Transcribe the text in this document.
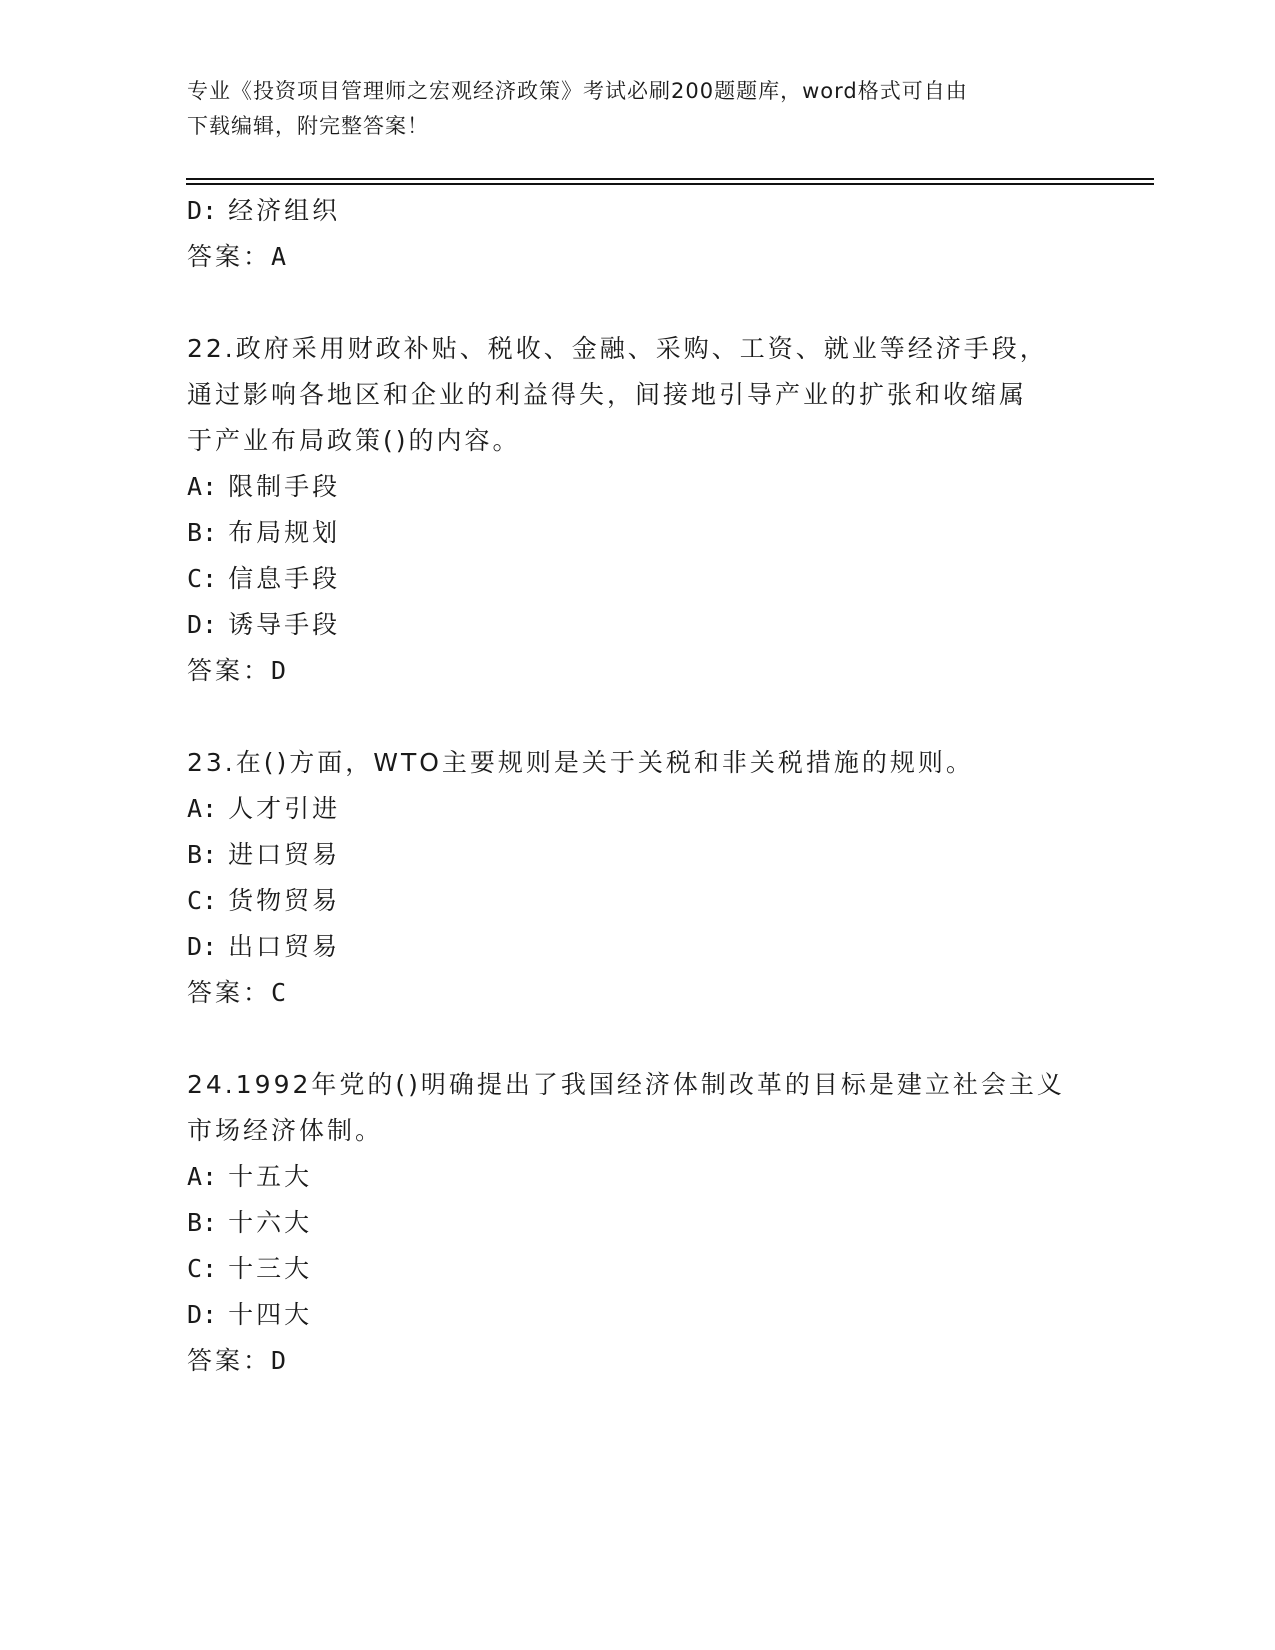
专业《投资项目管理师之宏观经济政策》考试必刷200题题库，word格式可自由
下载编辑，附完整答案！
D: 经济组织
答案：A
22.政府采用财政补贴、税收、金融、采购、工资、就业等经济手段，
通过影响各地区和企业的利益得失，间接地引导产业的扩张和收缩属
于产业布局政策()的内容。
A: 限制手段
B: 布局规划
C: 信息手段
D: 诱导手段
答案：D
23.在()方面，WTO主要规则是关于关税和非关税措施的规则。
A: 人才引进
B: 进口贸易
C: 货物贸易
D: 出口贸易
答案：C
24.1992年党的()明确提出了我国经济体制改革的目标是建立社会主义
市场经济体制。
A: 十五大
B: 十六大
C: 十三大
D: 十四大
答案：D
